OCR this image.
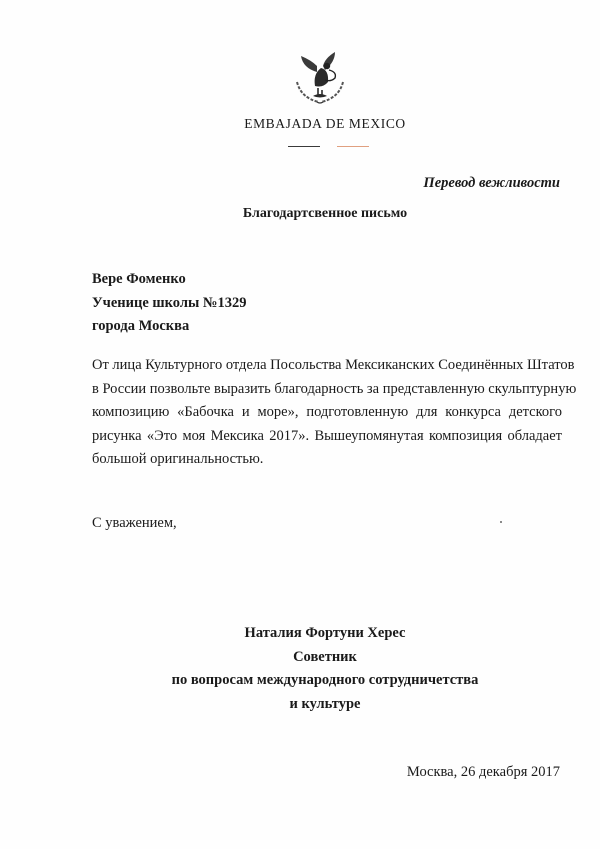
EMBAJADA DE MEXICO
Перевод вежливости
Благодартсвенное письмо
Вере Фоменко
Ученице школы №1329
города Москва
От лица Культурного отдела Посольства Мексиканских Соединённых Штатов
в России позвольте выразить благодарность за представленную скульптурную
композицию «Бабочка и море», подготовленную для конкурса детского
рисунка «Это моя Мексика 2017». Вышеупомянутая композиция обладает
большой оригинальностью.
С уважением,
Наталия Фортуни Херес
Советник
по вопросам международного сотрудничетства
и культуре
Москва, 26 декабря 2017
